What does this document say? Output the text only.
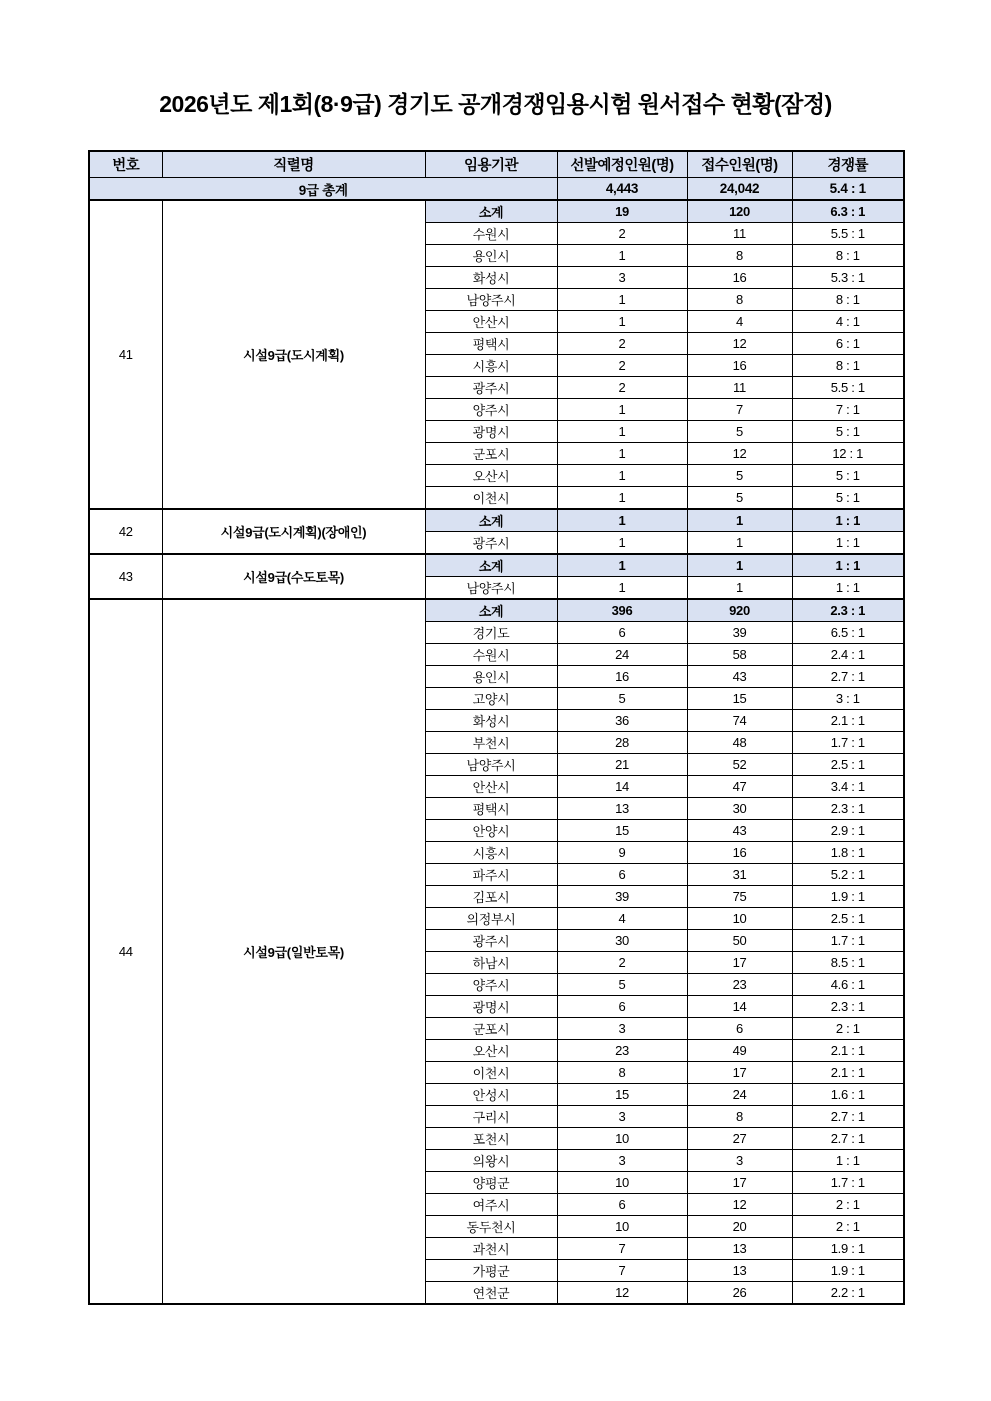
2026년도 제1회(8·9급) 경기도 공개경쟁임용시험 원서접수 현황(잠정)
번호	직렬명	임용기관	선발예정인원(명)	접수인원(명)	경쟁률
9급 총계			4,443	24,042	5.4 : 1
41	시설9급(도시계획)	소계	19	120	6.3 : 1
		수원시	2	11	5.5 : 1
		용인시	1	8	8 : 1
		화성시	3	16	5.3 : 1
		남양주시	1	8	8 : 1
		안산시	1	4	4 : 1
		평택시	2	12	6 : 1
		시흥시	2	16	8 : 1
		광주시	2	11	5.5 : 1
		양주시	1	7	7 : 1
		광명시	1	5	5 : 1
		군포시	1	12	12 : 1
		오산시	1	5	5 : 1
		이천시	1	5	5 : 1
42	시설9급(도시계획)(장애인)	소계	1	1	1 : 1
		광주시	1	1	1 : 1
43	시설9급(수도토목)	소계	1	1	1 : 1
		남양주시	1	1	1 : 1
44	시설9급(일반토목)	소계	396	920	2.3 : 1
		경기도	6	39	6.5 : 1
		수원시	24	58	2.4 : 1
		용인시	16	43	2.7 : 1
		고양시	5	15	3 : 1
		화성시	36	74	2.1 : 1
		부천시	28	48	1.7 : 1
		남양주시	21	52	2.5 : 1
		안산시	14	47	3.4 : 1
		평택시	13	30	2.3 : 1
		안양시	15	43	2.9 : 1
		시흥시	9	16	1.8 : 1
		파주시	6	31	5.2 : 1
		김포시	39	75	1.9 : 1
		의정부시	4	10	2.5 : 1
		광주시	30	50	1.7 : 1
		하남시	2	17	8.5 : 1
		양주시	5	23	4.6 : 1
		광명시	6	14	2.3 : 1
		군포시	3	6	2 : 1
		오산시	23	49	2.1 : 1
		이천시	8	17	2.1 : 1
		안성시	15	24	1.6 : 1
		구리시	3	8	2.7 : 1
		포천시	10	27	2.7 : 1
		의왕시	3	3	1 : 1
		양평군	10	17	1.7 : 1
		여주시	6	12	2 : 1
		동두천시	10	20	2 : 1
		과천시	7	13	1.9 : 1
		가평군	7	13	1.9 : 1
		연천군	12	26	2.2 : 1
